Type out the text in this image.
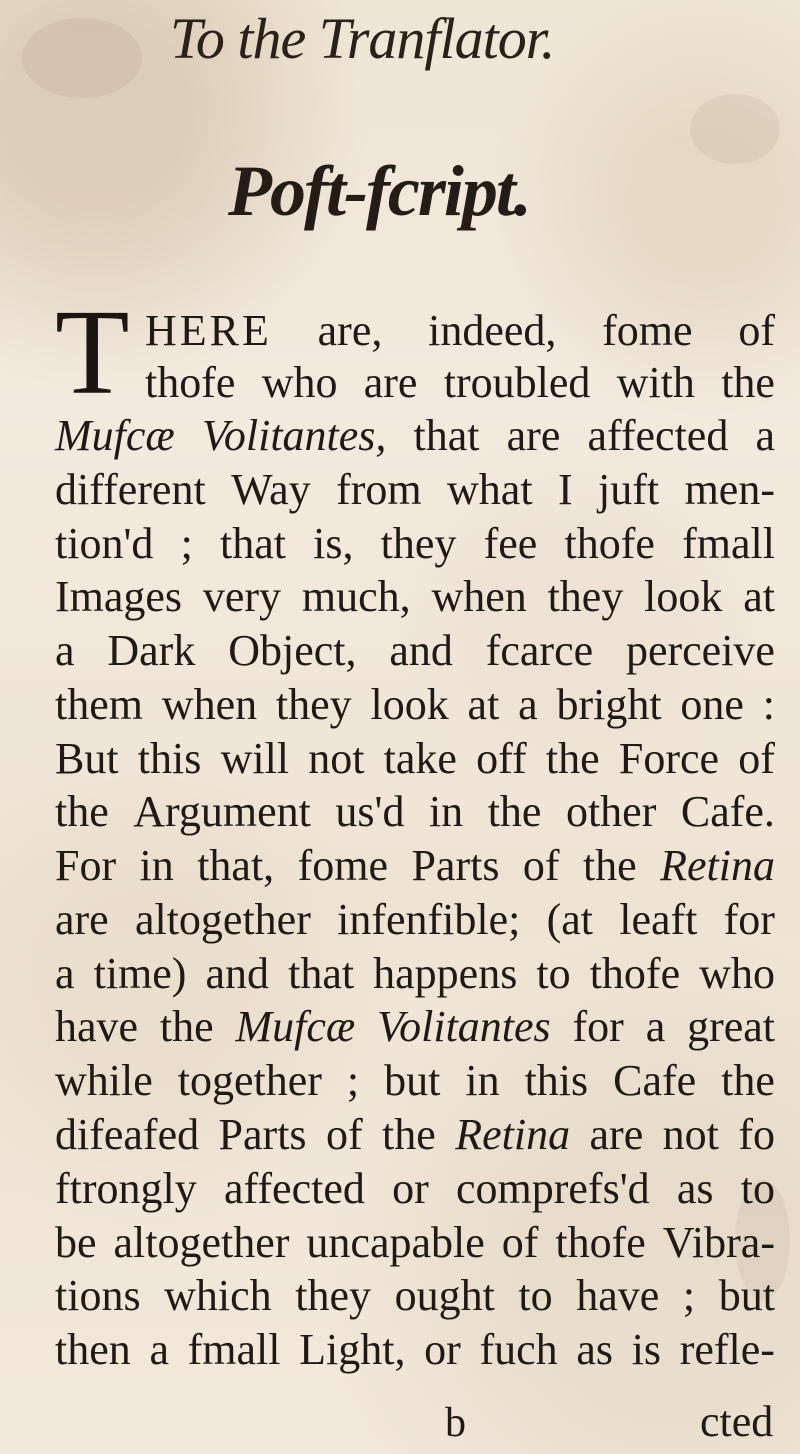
To the Tranflator.
Poft-fcript.
T HERE are, indeed, fome of
thofe who are troubled with the
Mufcæ Volitantes, that are affected a
different Way from what I juft men-
tion'd ; that is, they fee thofe fmall
Images very much, when they look at
a Dark Object, and fcarce perceive
them when they look at a bright one :
But this will not take off the Force of
the Argument us'd in the other Cafe.
For in that, fome Parts of the Retina
are altogether infenfible; (at leaft for
a time) and that happens to thofe who
have the Mufcæ Volitantes for a great
while together ; but in this Cafe the
difeafed Parts of the Retina are not fo
ftrongly affected or comprefs'd as to
be altogether uncapable of thofe Vibra-
tions which they ought to have ; but
then a fmall Light, or fuch as is refle-
b	cted
